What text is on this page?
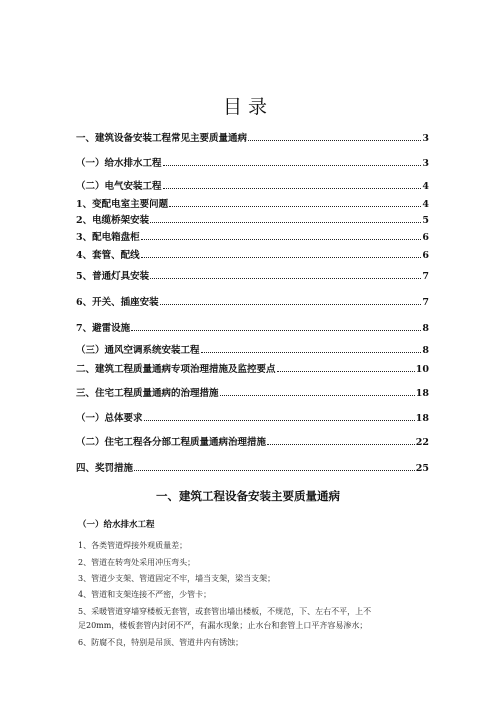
目录
一、建筑设备安装工程常见主要质量通病	3
（一）给水排水工程	3
（二）电气安装工程	4
1、变配电室主要问题	4
2、电缆桥架安装	5
3、配电箱盘柜	6
4、套管、配线	6
5、普通灯具安装	7
6、开关、插座安装	7
7、避雷设施	8
（三）通风空调系统安装工程	8
二、建筑工程质量通病专项治理措施及监控要点	10
三、住宅工程质量通病的治理措施	18
（一）总体要求	18
（二）住宅工程各分部工程质量通病治理措施	22
四、奖罚措施	25
一、建筑工程设备安装主要质量通病
（一）给水排水工程
1、各类管道焊接外观质量差；
2、管道在转弯处采用冲压弯头；
3、管道少支架、管道固定不牢，墙当支架，梁当支架；
4、管道和支架连接不严密，少管卡；
5、采暖管道穿墙穿楼板无套管，或套管出墙出楼板，不规范，下、左右不平，上不
足20mm，楼板套管内封闭不严，有漏水现象；止水台和套管上口平齐容易渗水；
6、防腐不良，特别是吊顶、管道井内有锈蚀；
